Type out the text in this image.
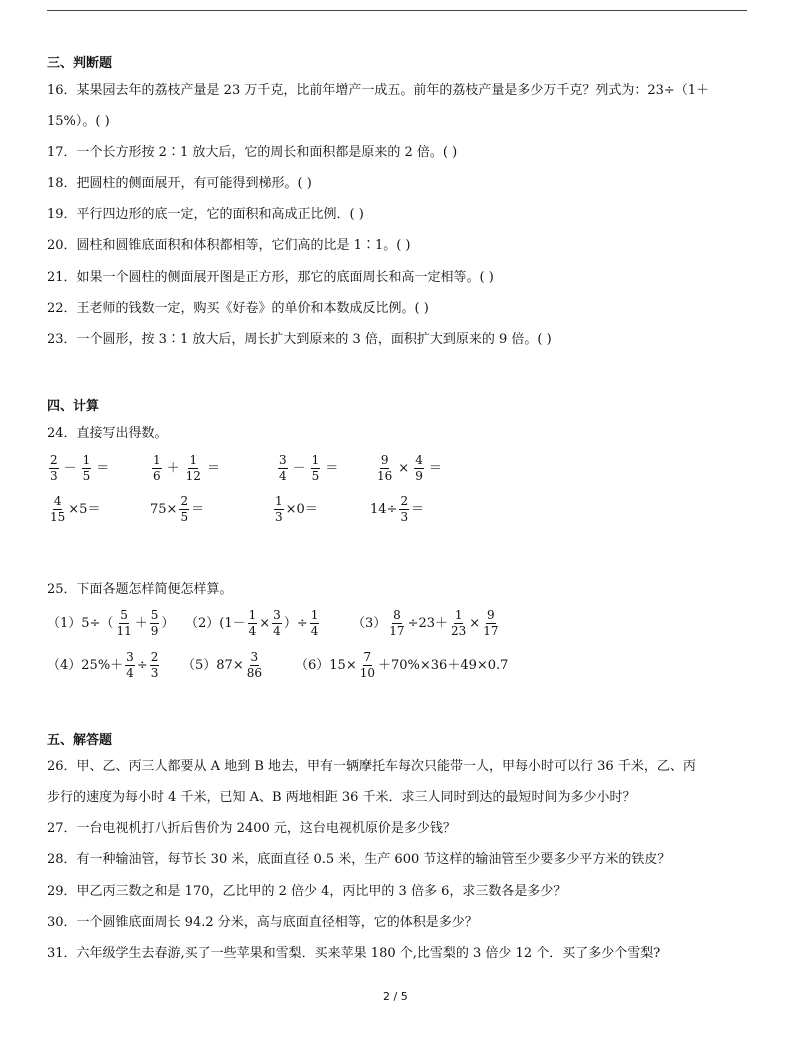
三、判断题
16．某果园去年的荔枝产量是 23 万千克，比前年增产一成五。前年的荔枝产量是多少万千克？列式为：23÷（1＋
15%）。( )
17．一个长方形按 2∶1 放大后，它的周长和面积都是原来的 2 倍。( )
18．把圆柱的侧面展开，有可能得到梯形。( )
19．平行四边形的底一定，它的面积和高成正比例．( )
20．圆柱和圆锥底面积和体积都相等，它们高的比是 1∶1。( )
21．如果一个圆柱的侧面展开图是正方形，那它的底面周长和高一定相等。( )
22．王老师的钱数一定，购买《好卷》的单价和本数成反比例。( )
23．一个圆形，按 3∶1 放大后，周长扩大到原来的 3 倍，面积扩大到原来的 9 倍。( )
四、计算
24．直接写出得数。
$\frac{2}{3} - \frac{1}{5}$ ＝	$\frac{1}{6} + \frac{1}{12}$ ＝	$\frac{3}{4} - \frac{1}{5}$ ＝	$\frac{9}{16} \times \frac{4}{9}$ ＝
$\frac{4}{15} \times 5=$	$75\times \frac{2}{5}$ ＝	$\frac{1}{3} \times 0=$	$14\div \frac{2}{3}$ ＝
25．下面各题怎样简便怎样算。
$(1)5\div( \frac{5}{11} + \frac{5}{9}$ ） $(2)(1- \frac{1}{4} \times \frac{3}{4}$ ）÷ $\frac{1}{4}$	$(3) \frac{8}{17} \div 23+ \frac{1}{23} \times \frac{9}{17}$
$(4)25\%+ \frac{3}{4} \div \frac{2}{3} (5)87\times \frac{3}{86} (6)15\times \frac{7}{10} +70\%\times 36+49\times 0.7$
五、解答题
26．甲、乙、丙三人都要从 A 地到 B 地去，甲有一辆摩托车每次只能带一人，甲每小时可以行 36 千米，乙、丙
步行的速度为每小时 4 千米，已知 A、B 两地相距 36 千米．求三人同时到达的最短时间为多少小时？
27．一台电视机打八折后售价为 2400 元，这台电视机原价是多少钱？
28．有一种输油管，每节长 30 米，底面直径 0.5 米，生产 600 节这样的输油管至少要多少平方米的铁皮？
29．甲乙丙三数之和是 170，乙比甲的 2 倍少 4，丙比甲的 3 倍多 6，求三数各是多少？
30．一个圆锥底面周长 94.2 分米，高与底面直径相等，它的体积是多少？
31．六年级学生去春游,买了一些苹果和雪梨．买来苹果 180 个,比雪梨的 3 倍少 12 个．买了多少个雪梨?
2 / 5
